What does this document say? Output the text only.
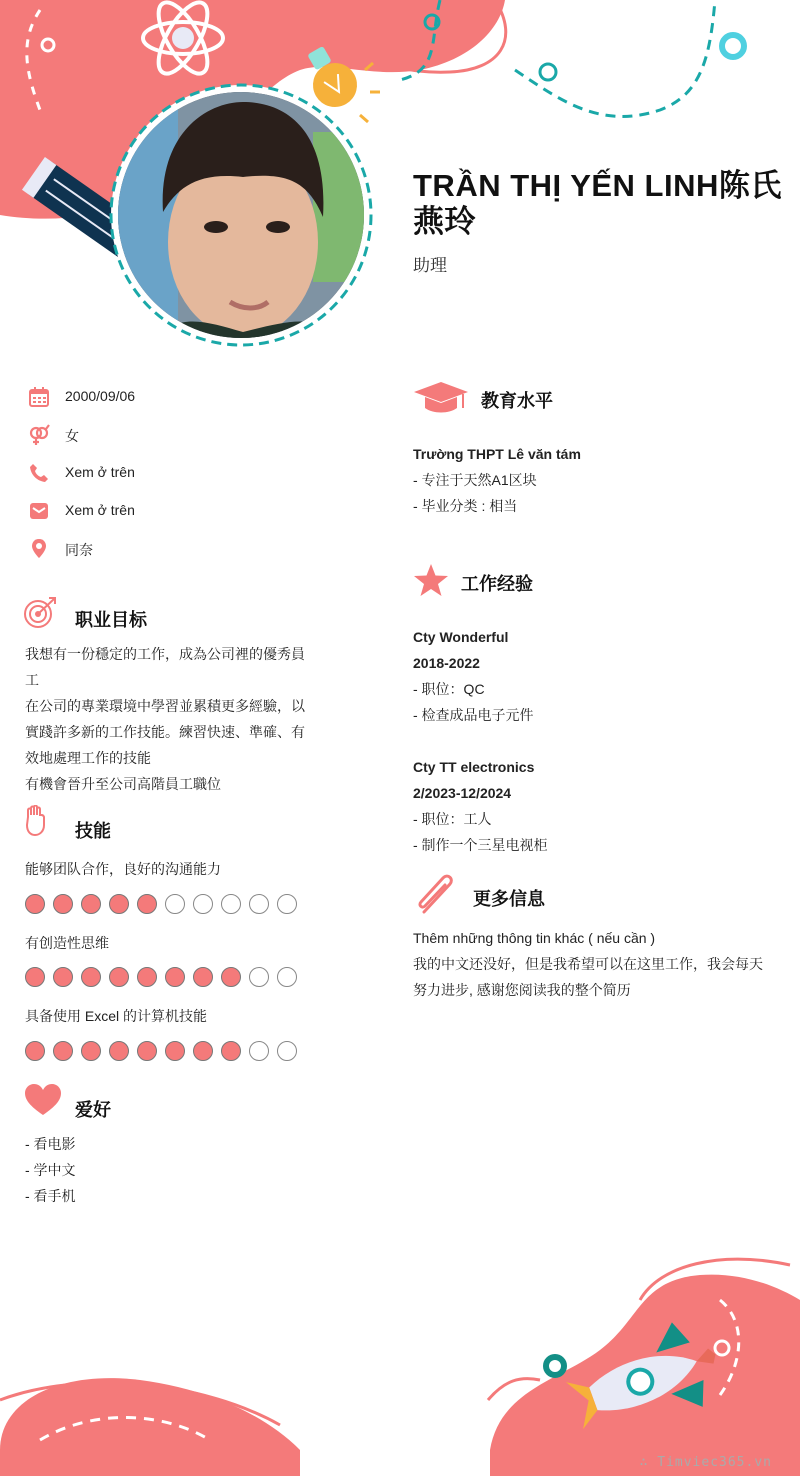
TRẦN THỊ YẾN LINH陈氏燕玲
助理
2000/09/06
女
Xem ở trên
Xem ở trên
同奈
职业目标
我想有一份穩定的工作，成為公司裡的優秀員
工
在公司的專業環境中學習並累積更多經驗，以
實踐許多新的工作技能。練習快速、準確、有
效地處理工作的技能
有機會晉升至公司高階員工職位
技能
能够团队合作，良好的沟通能力
有创造性思维
具备使用 Excel 的计算机技能
爱好
- 看电影
- 学中文
- 看手机
教育水平
Trường THPT Lê văn tám
- 专注于天然A1区块
- 毕业分类 : 相当
工作经验
Cty Wonderful
2018-2022
- 职位：QC
- 检查成品电子元件
Cty TT electronics
2/2023-12/2024
- 职位：工人
- 制作一个三星电视柜
更多信息
Thêm những thông tin khác ( nếu cần )
我的中文还没好，但是我希望可以在这里工作，我会每天
努力进步, 感谢您阅读我的整个简历
∴ Timviec365.vn
